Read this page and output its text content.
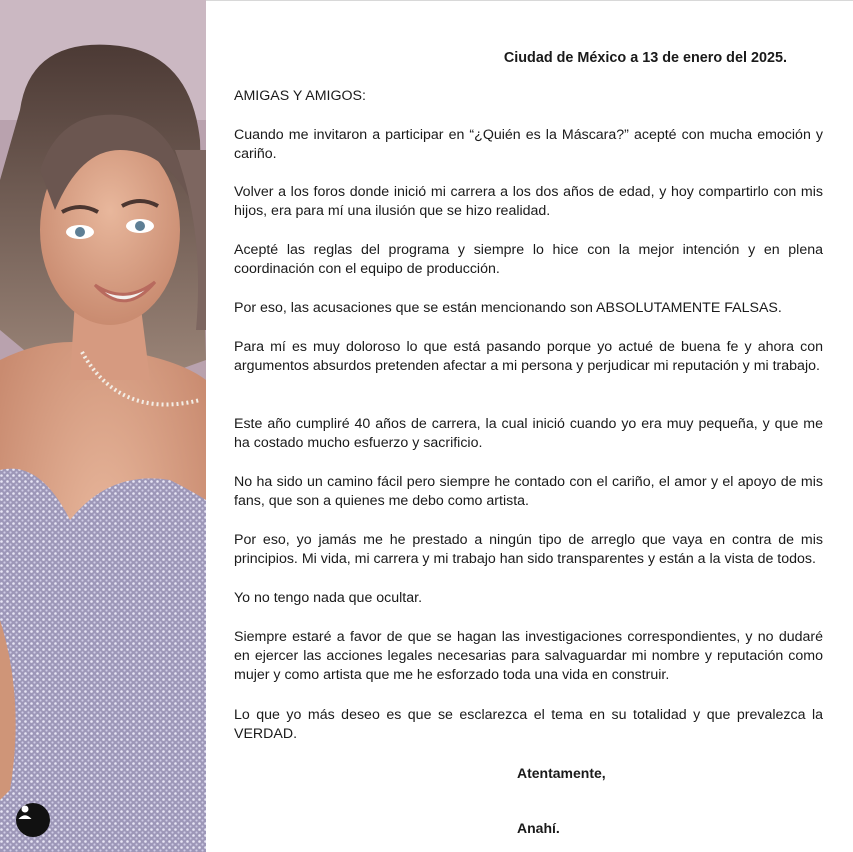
Ciudad de México a 13 de enero del 2025.

AMIGAS Y AMIGOS:

Cuando me invitaron a participar en “¿Quién es la Máscara?” acepté con mucha emoción y cariño.

Volver a los foros donde inició mi carrera a los dos años de edad, y hoy compartirlo con mis hijos, era para mí una ilusión que se hizo realidad.

Acepté las reglas del programa y siempre lo hice con la mejor intención y en plena coordinación con el equipo de producción.

Por eso, las acusaciones que se están mencionando son ABSOLUTAMENTE FALSAS.

Para mí es muy doloroso lo que está pasando porque yo actué de buena fe y ahora con argumentos absurdos pretenden afectar a mi persona y perjudicar mi reputación y mi trabajo.

Este año cumpliré 40 años de carrera, la cual inició cuando yo era muy pequeña, y que me ha costado mucho esfuerzo y sacrificio.

No ha sido un camino fácil pero siempre he contado con el cariño, el amor y el apoyo de mis fans, que son a quienes me debo como artista.

Por eso, yo jamás me he prestado a ningún tipo de arreglo que vaya en contra de mis principios. Mi vida, mi carrera y mi trabajo han sido transparentes y están a la vista de todos.

Yo no tengo nada que ocultar.

Siempre estaré a favor de que se hagan las investigaciones correspondientes, y no dudaré en ejercer las acciones legales necesarias para salvaguardar mi nombre y reputación como mujer y como artista que me he esforzado toda una vida en construir.

Lo que yo más deseo es que se esclarezca el tema en su totalidad y que prevalezca la VERDAD.

Atentamente,
Anahí.
